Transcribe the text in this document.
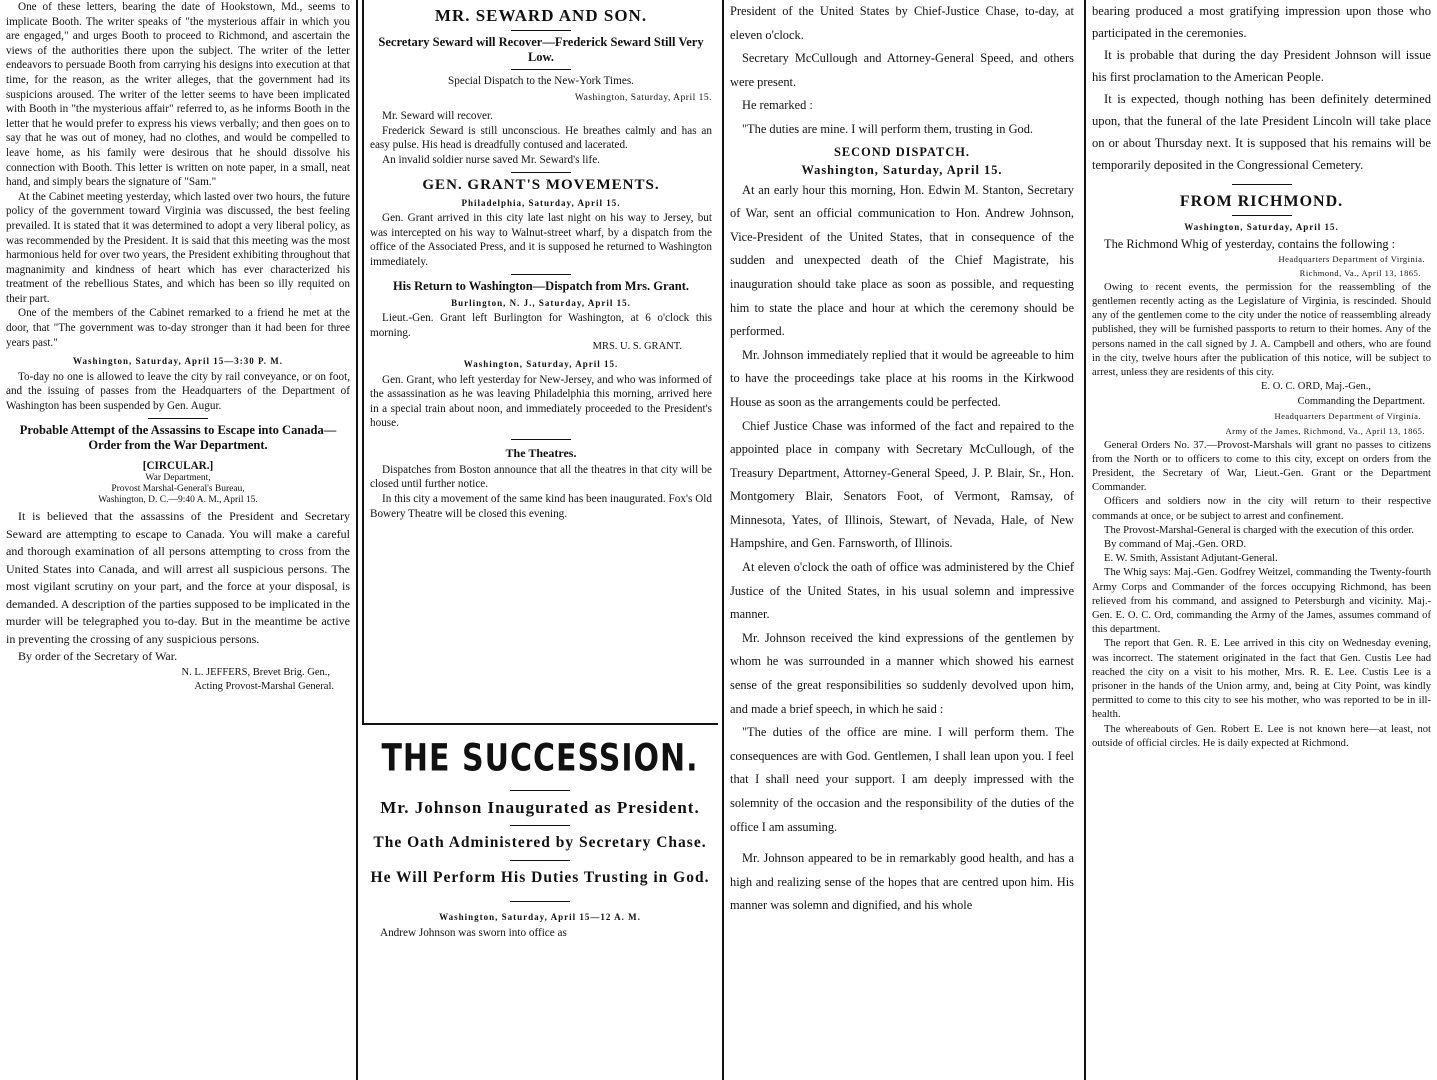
One of these letters, bearing the date of Hookstown, Md., seems to implicate Booth. The writer speaks of "the mysterious affair in which you are engaged," and urges Booth to proceed to Richmond, and ascertain the views of the authorities there upon the subject. The writer of the letter endeavors to persuade Booth from carrying his designs into execution at that time, for the reason, as the writer alleges, that the government had its suspicions aroused. The writer of the letter seems to have been implicated with Booth in "the mysterious affair" referred to, as he informs Booth in the letter that he would prefer to express his views verbally; and then goes on to say that he was out of money, had no clothes, and would be compelled to leave home, as his family were desirous that he should dissolve his connection with Booth. This letter is written on note paper, in a small, neat hand, and simply bears the signature of "Sam."

At the Cabinet meeting yesterday, which lasted over two hours, the future policy of the government toward Virginia was discussed, the best feeling prevailed. It is stated that it was determined to adopt a very liberal policy, as was recommended by the President. It is said that this meeting was the most harmonious held for over two years, the President exhibiting throughout that magnanimity and kindness of heart which has ever characterized his treatment of the rebellious States, and which has been so illy requited on their part.

One of the members of the Cabinet remarked to a friend he met at the door, that "The government was to-day stronger than it had been for three years past."

Washington, Saturday, April 15—3:30 P. M.

To-day no one is allowed to leave the city by rail conveyance, or on foot, and the issuing of passes from the Headquarters of the Department of Washington has been suspended by Gen. Augur.

Probable Attempt of the Assassins to Escape into Canada—Order from the War Department.

[CIRCULAR.]

War Department,

Provost Marshal-General's Bureau,

Washington, D. C.—9:40 A. M., April 15.

It is believed that the assassins of the President and Secretary Seward are attempting to escape to Canada. You will make a careful and thorough examination of all persons attempting to cross from the United States into Canada, and will arrest all suspicious persons. The most vigilant scrutiny on your part, and the force at your disposal, is demanded. A description of the parties supposed to be implicated in the murder will be telegraphed you to-day. But in the meantime be active in preventing the crossing of any suspicious persons.

By order of the Secretary of War.

N. L. JEFFERS, Brevet Brig. Gen.,

Acting Provost-Marshal General.

MR. SEWARD AND SON.
Secretary Seward will Recover—Frederick Seward Still Very Low.

Special Dispatch to the New-York Times.

Washington, Saturday, April 15.

Mr. Seward will recover.

Frederick Seward is still unconscious. He breathes calmly and has an easy pulse. His head is dreadfully contused and lacerated.

An invalid soldier nurse saved Mr. Seward's life.

GEN. GRANT'S MOVEMENTS.

Philadelphia, Saturday, April 15.

Gen. Grant arrived in this city late last night on his way to Jersey, but was intercepted on his way to Walnut-street wharf, by a dispatch from the office of the Associated Press, and it is supposed he returned to Washington immediately.

His Return to Washington—Dispatch from Mrs. Grant.

Burlington, N. J., Saturday, April 15.

Lieut.-Gen. Grant left Burlington for Washington, at 6 o'clock this morning.

MRS. U. S. GRANT.

Washington, Saturday, April 15.

Gen. Grant, who left yesterday for New-Jersey, and who was informed of the assassination as he was leaving Philadelphia this morning, arrived here in a special train about noon, and immediately proceeded to the President's house.

The Theatres.

Dispatches from Boston announce that all the theatres in that city will be closed until further notice.

In this city a movement of the same kind has been inaugurated. Fox's Old Bowery Theatre will be closed this evening.

THE SUCCESSION.
Mr. Johnson Inaugurated as President.
The Oath Administered by Secretary Chase.
He Will Perform His Duties Trusting in God.

Washington, Saturday, April 15—12 A. M.

Andrew Johnson was sworn into office as

President of the United States by Chief-Justice Chase, to-day, at eleven o'clock.

Secretary McCullough and Attorney-General Speed, and others were present.

He remarked :

"The duties are mine. I will perform them, trusting in God.

SECOND DISPATCH.

Washington, Saturday, April 15.

At an early hour this morning, Hon. Edwin M. Stanton, Secretary of War, sent an official communication to Hon. Andrew Johnson, Vice-President of the United States, that in consequence of the sudden and unexpected death of the Chief Magistrate, his inauguration should take place as soon as possible, and requesting him to state the place and hour at which the ceremony should be performed.

Mr. Johnson immediately replied that it would be agreeable to him to have the proceedings take place at his rooms in the Kirkwood House as soon as the arrangements could be perfected.

Chief Justice Chase was informed of the fact and repaired to the appointed place in company with Secretary McCullough, of the Treasury Department, Attorney-General Speed, J. P. Blair, Sr., Hon. Montgomery Blair, Senators Foot, of Vermont, Ramsay, of Minnesota, Yates, of Illinois, Stewart, of Nevada, Hale, of New Hampshire, and Gen. Farnsworth, of Illinois.

At eleven o'clock the oath of office was administered by the Chief Justice of the United States, in his usual solemn and impressive manner.

Mr. Johnson received the kind expressions of the gentlemen by whom he was surrounded in a manner which showed his earnest sense of the great responsibilities so suddenly devolved upon him, and made a brief speech, in which he said :

"The duties of the office are mine. I will perform them. The consequences are with God. Gentlemen, I shall lean upon you. I feel that I shall need your support. I am deeply impressed with the solemnity of the occasion and the responsibility of the duties of the office I am assuming.

Mr. Johnson appeared to be in remarkably good health, and has a high and realizing sense of the hopes that are centred upon him. His manner was solemn and dignified, and his whole

bearing produced a most gratifying impression upon those who participated in the ceremonies.

It is probable that during the day President Johnson will issue his first proclamation to the American People.

It is expected, though nothing has been definitely determined upon, that the funeral of the late President Lincoln will take place on or about Thursday next. It is supposed that his remains will be temporarily deposited in the Congressional Cemetery.

FROM RICHMOND.

Washington, Saturday, April 15.

The Richmond Whig of yesterday, contains the following :

Headquarters Department of Virginia.

Richmond, Va., April 13, 1865.

Owing to recent events, the permission for the reassembling of the gentlemen recently acting as the Legislature of Virginia, is rescinded. Should any of the gentlemen come to the city under the notice of reassembling already published, they will be furnished passports to return to their homes. Any of the persons named in the call signed by J. A. Campbell and others, who are found in the city, twelve hours after the publication of this notice, will be subject to arrest, unless they are residents of this city.

E. O. C. ORD, Maj.-Gen.,

Commanding the Department.

Headquarters Department of Virginia.

Army of the James, Richmond, Va., April 13, 1865.

General Orders No. 37.—Provost-Marshals will grant no passes to citizens from the North or to officers to come to this city, except on orders from the President, the Secretary of War, Lieut.-Gen. Grant or the Department Commander.

Officers and soldiers now in the city will return to their respective commands at once, or be subject to arrest and confinement.

The Provost-Marshal-General is charged with the execution of this order.

By command of Maj.-Gen. ORD.

E. W. Smith, Assistant Adjutant-General.

The Whig says: Maj.-Gen. Godfrey Weitzel, commanding the Twenty-fourth Army Corps and Commander of the forces occupying Richmond, has been relieved from his command, and assigned to Petersburgh and vicinity. Maj.-Gen. E. O. C. Ord, commanding the Army of the James, assumes command of this department.

The report that Gen. R. E. Lee arrived in this city on Wednesday evening, was incorrect. The statement originated in the fact that Gen. Custis Lee had reached the city on a visit to his mother, Mrs. R. E. Lee. Custis Lee is a prisoner in the hands of the Union army, and, being at City Point, was kindly permitted to come to this city to see his mother, who was reported to be in ill-health.

The whereabouts of Gen. Robert E. Lee is not known here—at least, not outside of official circles. He is daily expected at Richmond.
